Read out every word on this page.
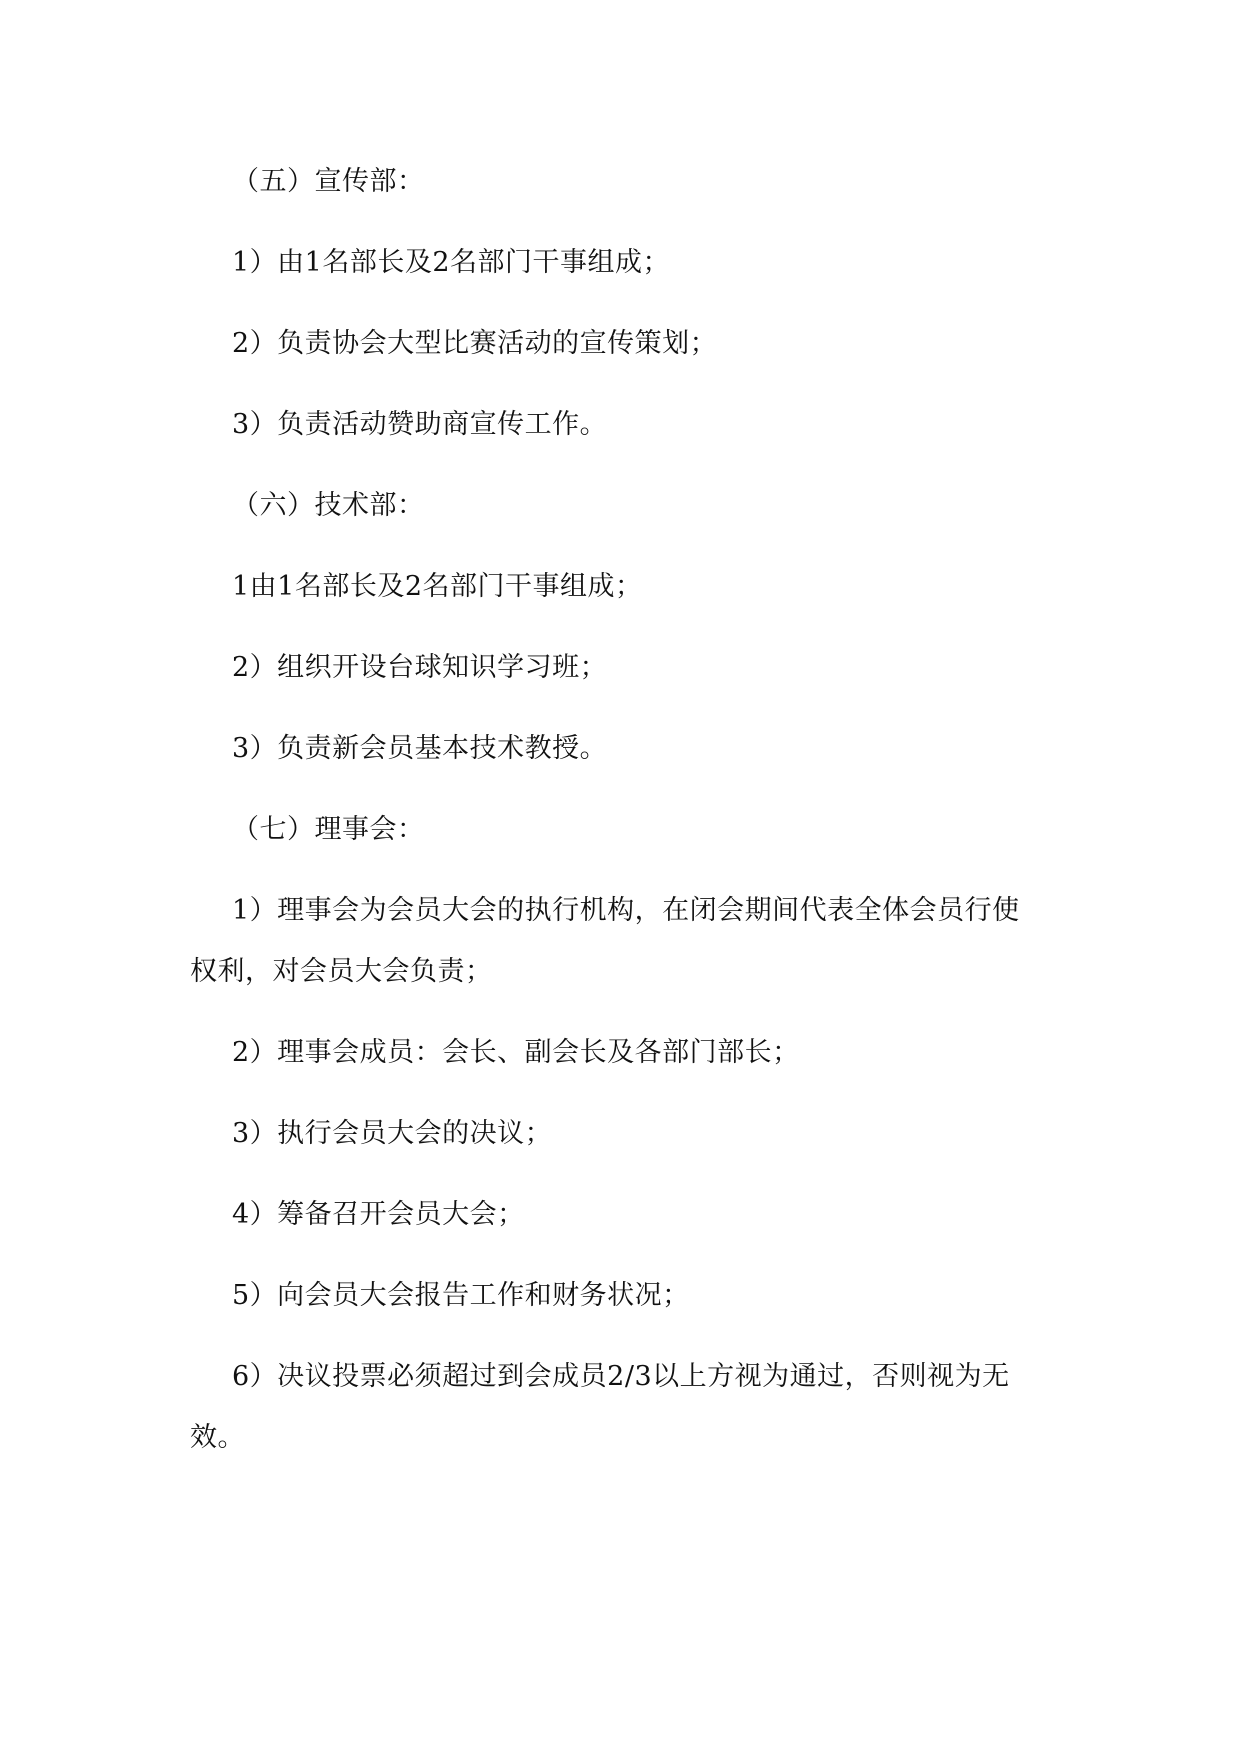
（五）宣传部：
1）由1名部长及2名部门干事组成；
2）负责协会大型比赛活动的宣传策划；
3）负责活动赞助商宣传工作。
（六）技术部：
1由1名部长及2名部门干事组成；
2）组织开设台球知识学习班；
3）负责新会员基本技术教授。
（七）理事会：
1）理事会为会员大会的执行机构，在闭会期间代表全体会员行使
权利，对会员大会负责；
2）理事会成员：会长、副会长及各部门部长；
3）执行会员大会的决议；
4）筹备召开会员大会；
5）向会员大会报告工作和财务状况；
6）决议投票必须超过到会成员2/3以上方视为通过，否则视为无
效。
